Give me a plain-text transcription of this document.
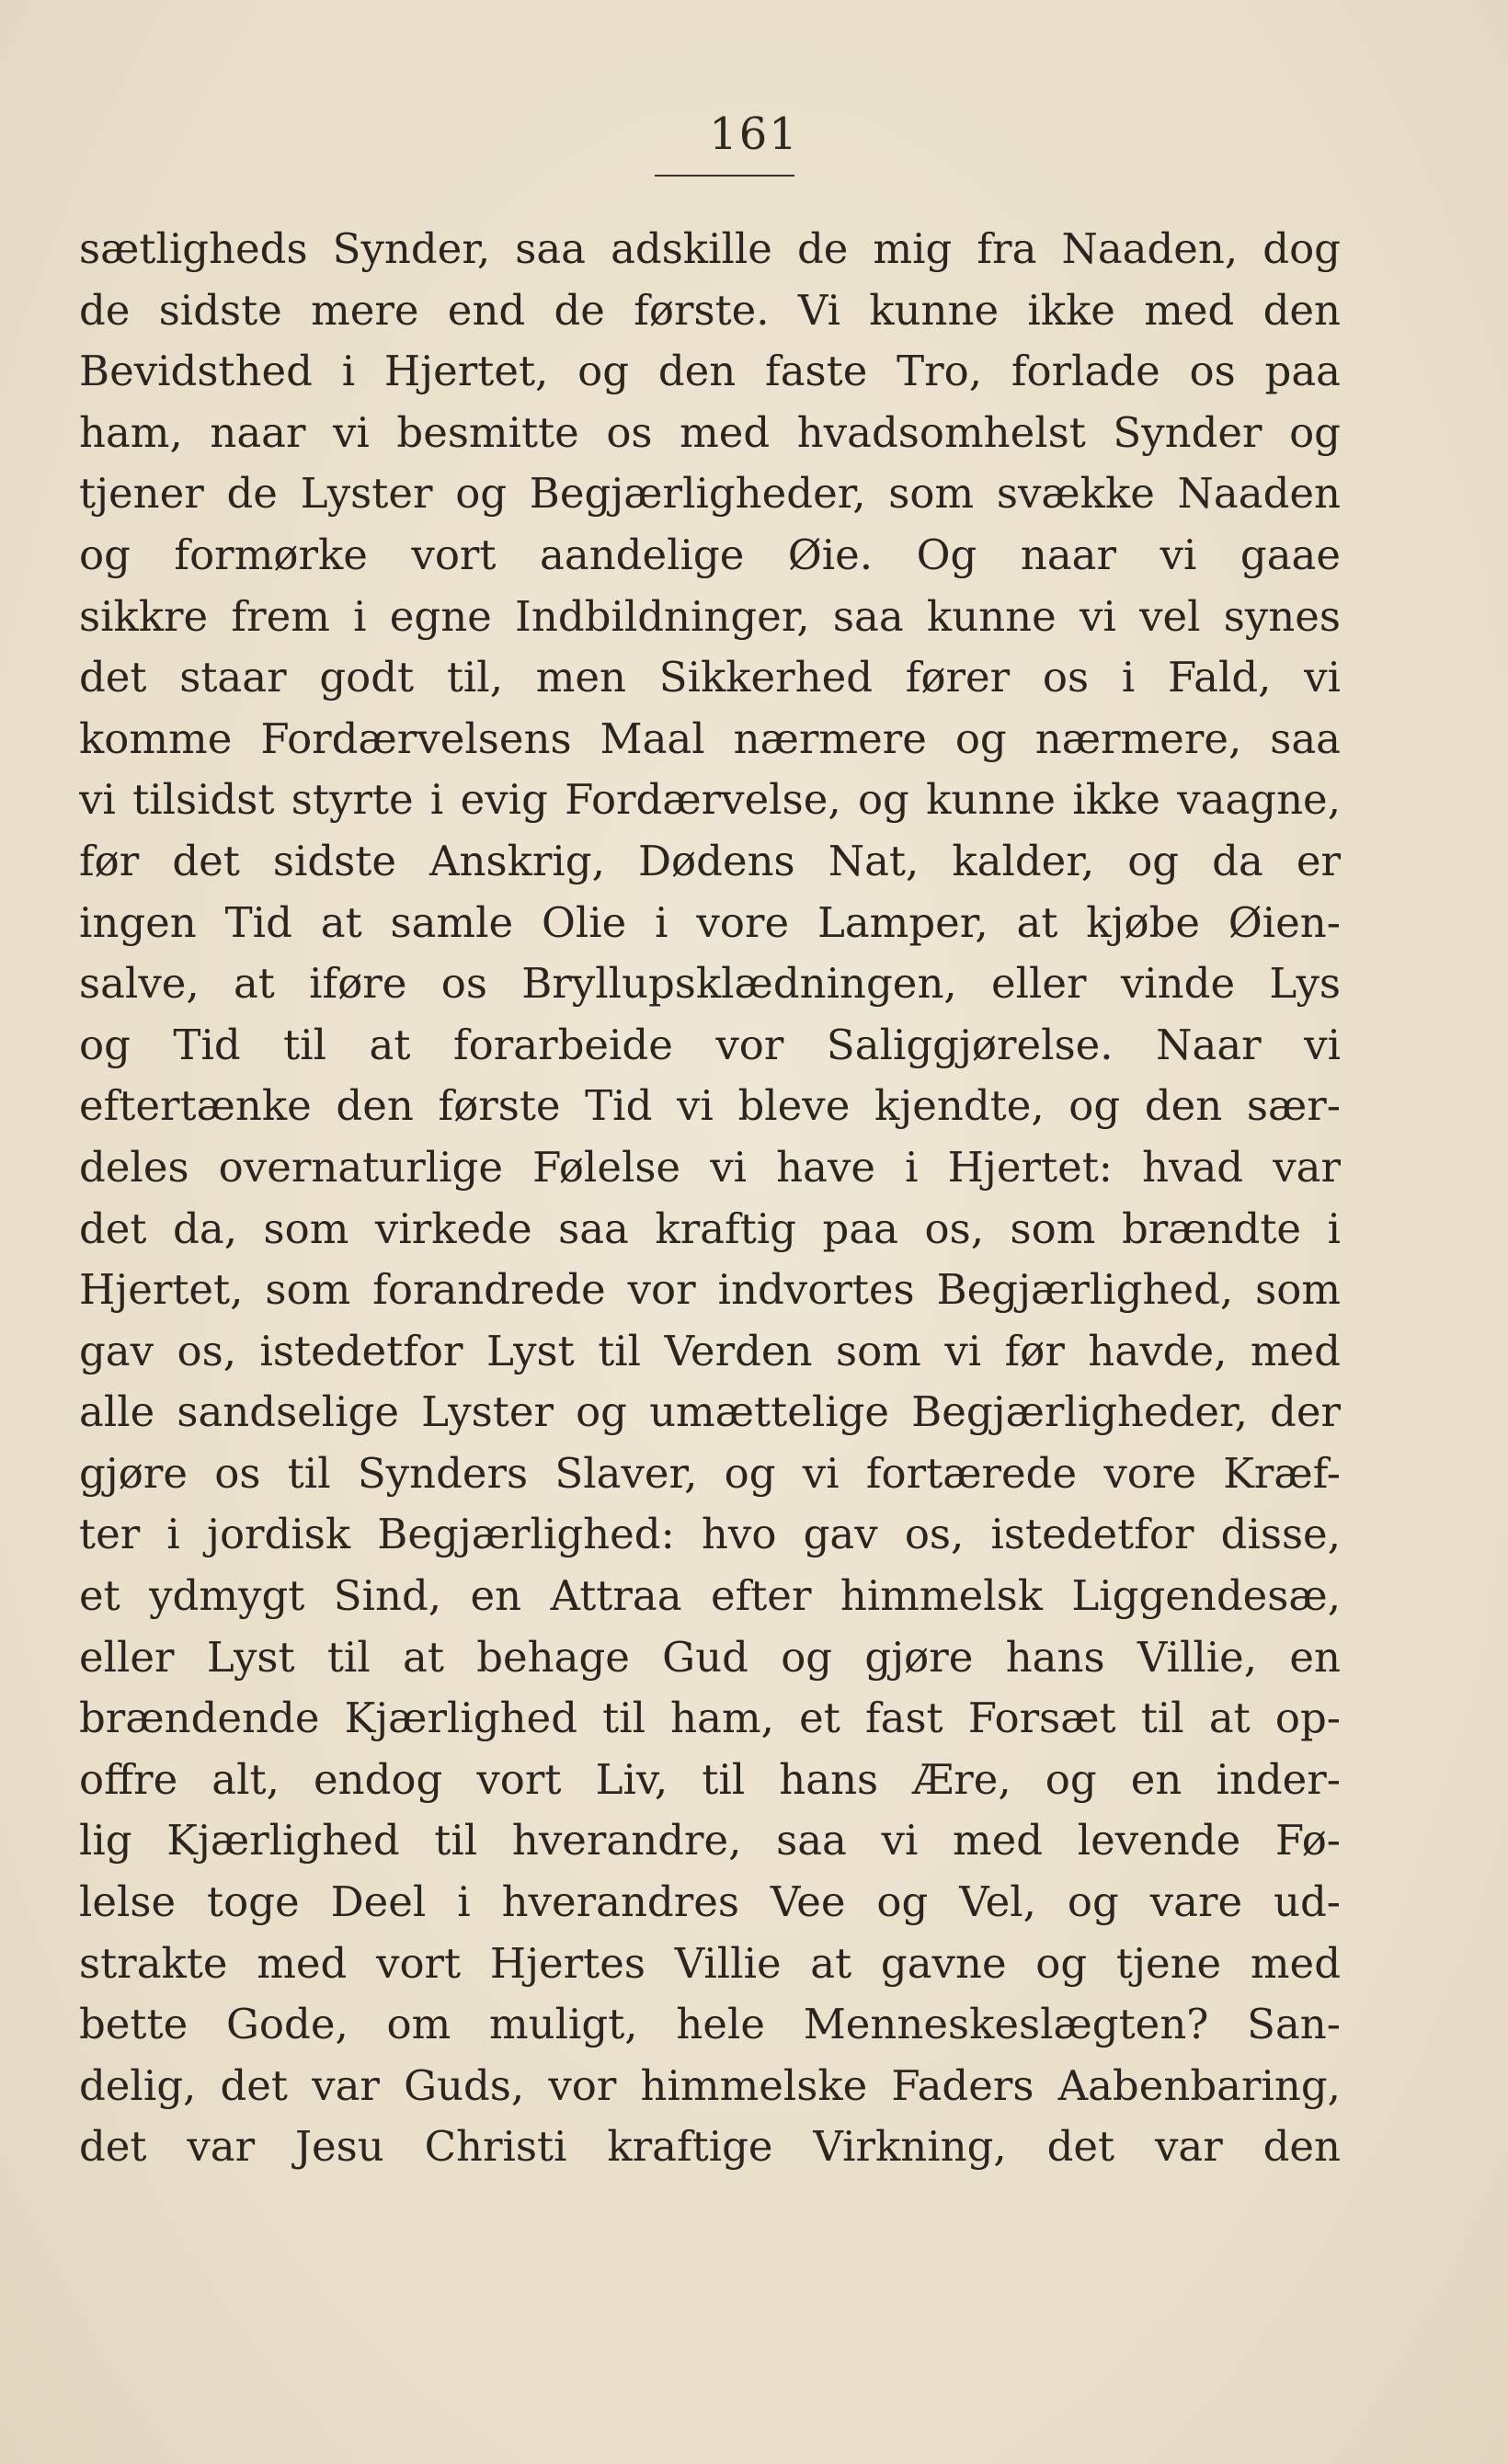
161
sætligheds Synder, saa adskille de mig fra Naaden, dog
de sidste mere end de første. Vi kunne ikke med den
Bevidsthed i Hjertet, og den faste Tro, forlade os paa
ham, naar vi besmitte os med hvadsomhelst Synder og
tjener de Lyster og Begjærligheder, som svække Naaden
og formørke vort aandelige Øie. Og naar vi gaae
sikkre frem i egne Indbildninger, saa kunne vi vel synes
det staar godt til, men Sikkerhed fører os i Fald, vi
komme Fordærvelsens Maal nærmere og nærmere, saa
vi tilsidst styrte i evig Fordærvelse, og kunne ikke vaagne,
før det sidste Anskrig, Dødens Nat, kalder, og da er
ingen Tid at samle Olie i vore Lamper, at kjøbe Øien-
salve, at iføre os Bryllupsklædningen, eller vinde Lys
og Tid til at forarbeide vor Saliggjørelse. Naar vi
eftertænke den første Tid vi bleve kjendte, og den sær-
deles overnaturlige Følelse vi have i Hjertet: hvad var
det da, som virkede saa kraftig paa os, som brændte i
Hjertet, som forandrede vor indvortes Begjærlighed, som
gav os, istedetfor Lyst til Verden som vi før havde, med
alle sandselige Lyster og umættelige Begjærligheder, der
gjøre os til Synders Slaver, og vi fortærede vore Kræf-
ter i jordisk Begjærlighed: hvo gav os, istedetfor disse,
et ydmygt Sind, en Attraa efter himmelsk Liggendesæ,
eller Lyst til at behage Gud og gjøre hans Villie, en
brændende Kjærlighed til ham, et fast Forsæt til at op-
offre alt, endog vort Liv, til hans Ære, og en inder-
lig Kjærlighed til hverandre, saa vi med levende Fø-
lelse toge Deel i hverandres Vee og Vel, og vare ud-
strakte med vort Hjertes Villie at gavne og tjene med
bette Gode, om muligt, hele Menneskeslægten? San-
delig, det var Guds, vor himmelske Faders Aabenbaring,
det var Jesu Christi kraftige Virkning, det var den
